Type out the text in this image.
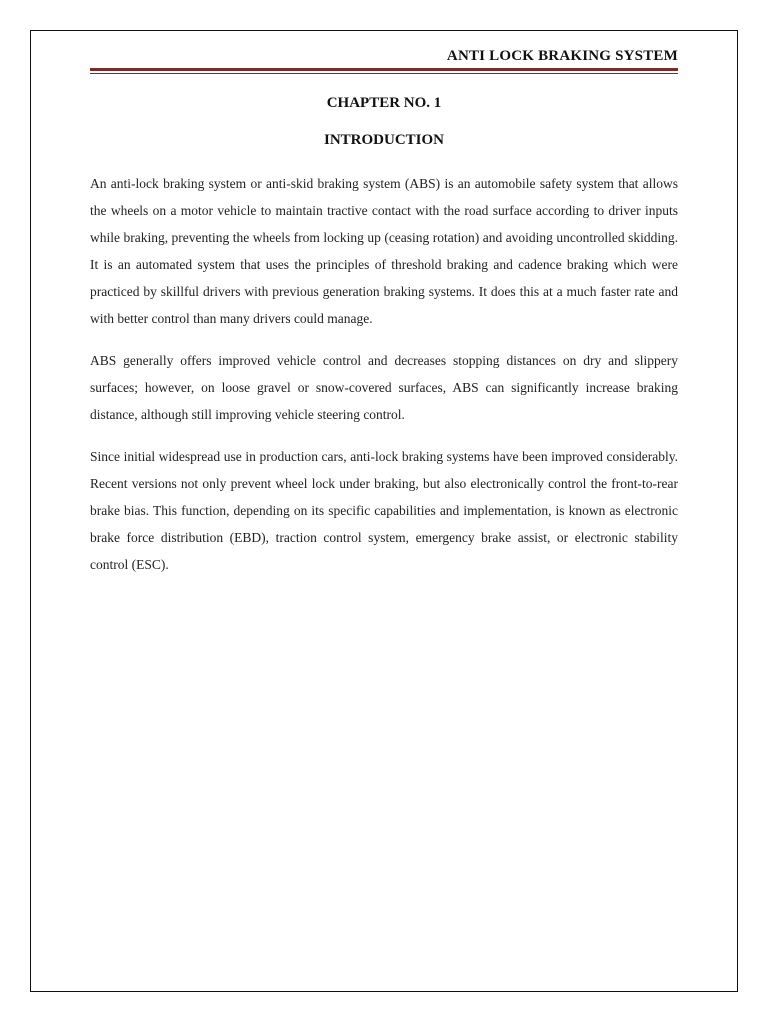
ANTI LOCK BRAKING SYSTEM
CHAPTER NO. 1
INTRODUCTION

An anti-lock braking system or anti-skid braking system (ABS) is an automobile safety system that allows the wheels on a motor vehicle to maintain tractive contact with the road surface according to driver inputs while braking, preventing the wheels from locking up (ceasing rotation) and avoiding uncontrolled skidding. It is an automated system that uses the principles of threshold braking and cadence braking which were practiced by skillful drivers with previous generation braking systems. It does this at a much faster rate and with better control than many drivers could manage.

ABS generally offers improved vehicle control and decreases stopping distances on dry and slippery surfaces; however, on loose gravel or snow-covered surfaces, ABS can significantly increase braking distance, although still improving vehicle steering control.

Since initial widespread use in production cars, anti-lock braking systems have been improved considerably. Recent versions not only prevent wheel lock under braking, but also electronically control the front-to-rear brake bias. This function, depending on its specific capabilities and implementation, is known as electronic brake force distribution (EBD), traction control system, emergency brake assist, or electronic stability control (ESC).
